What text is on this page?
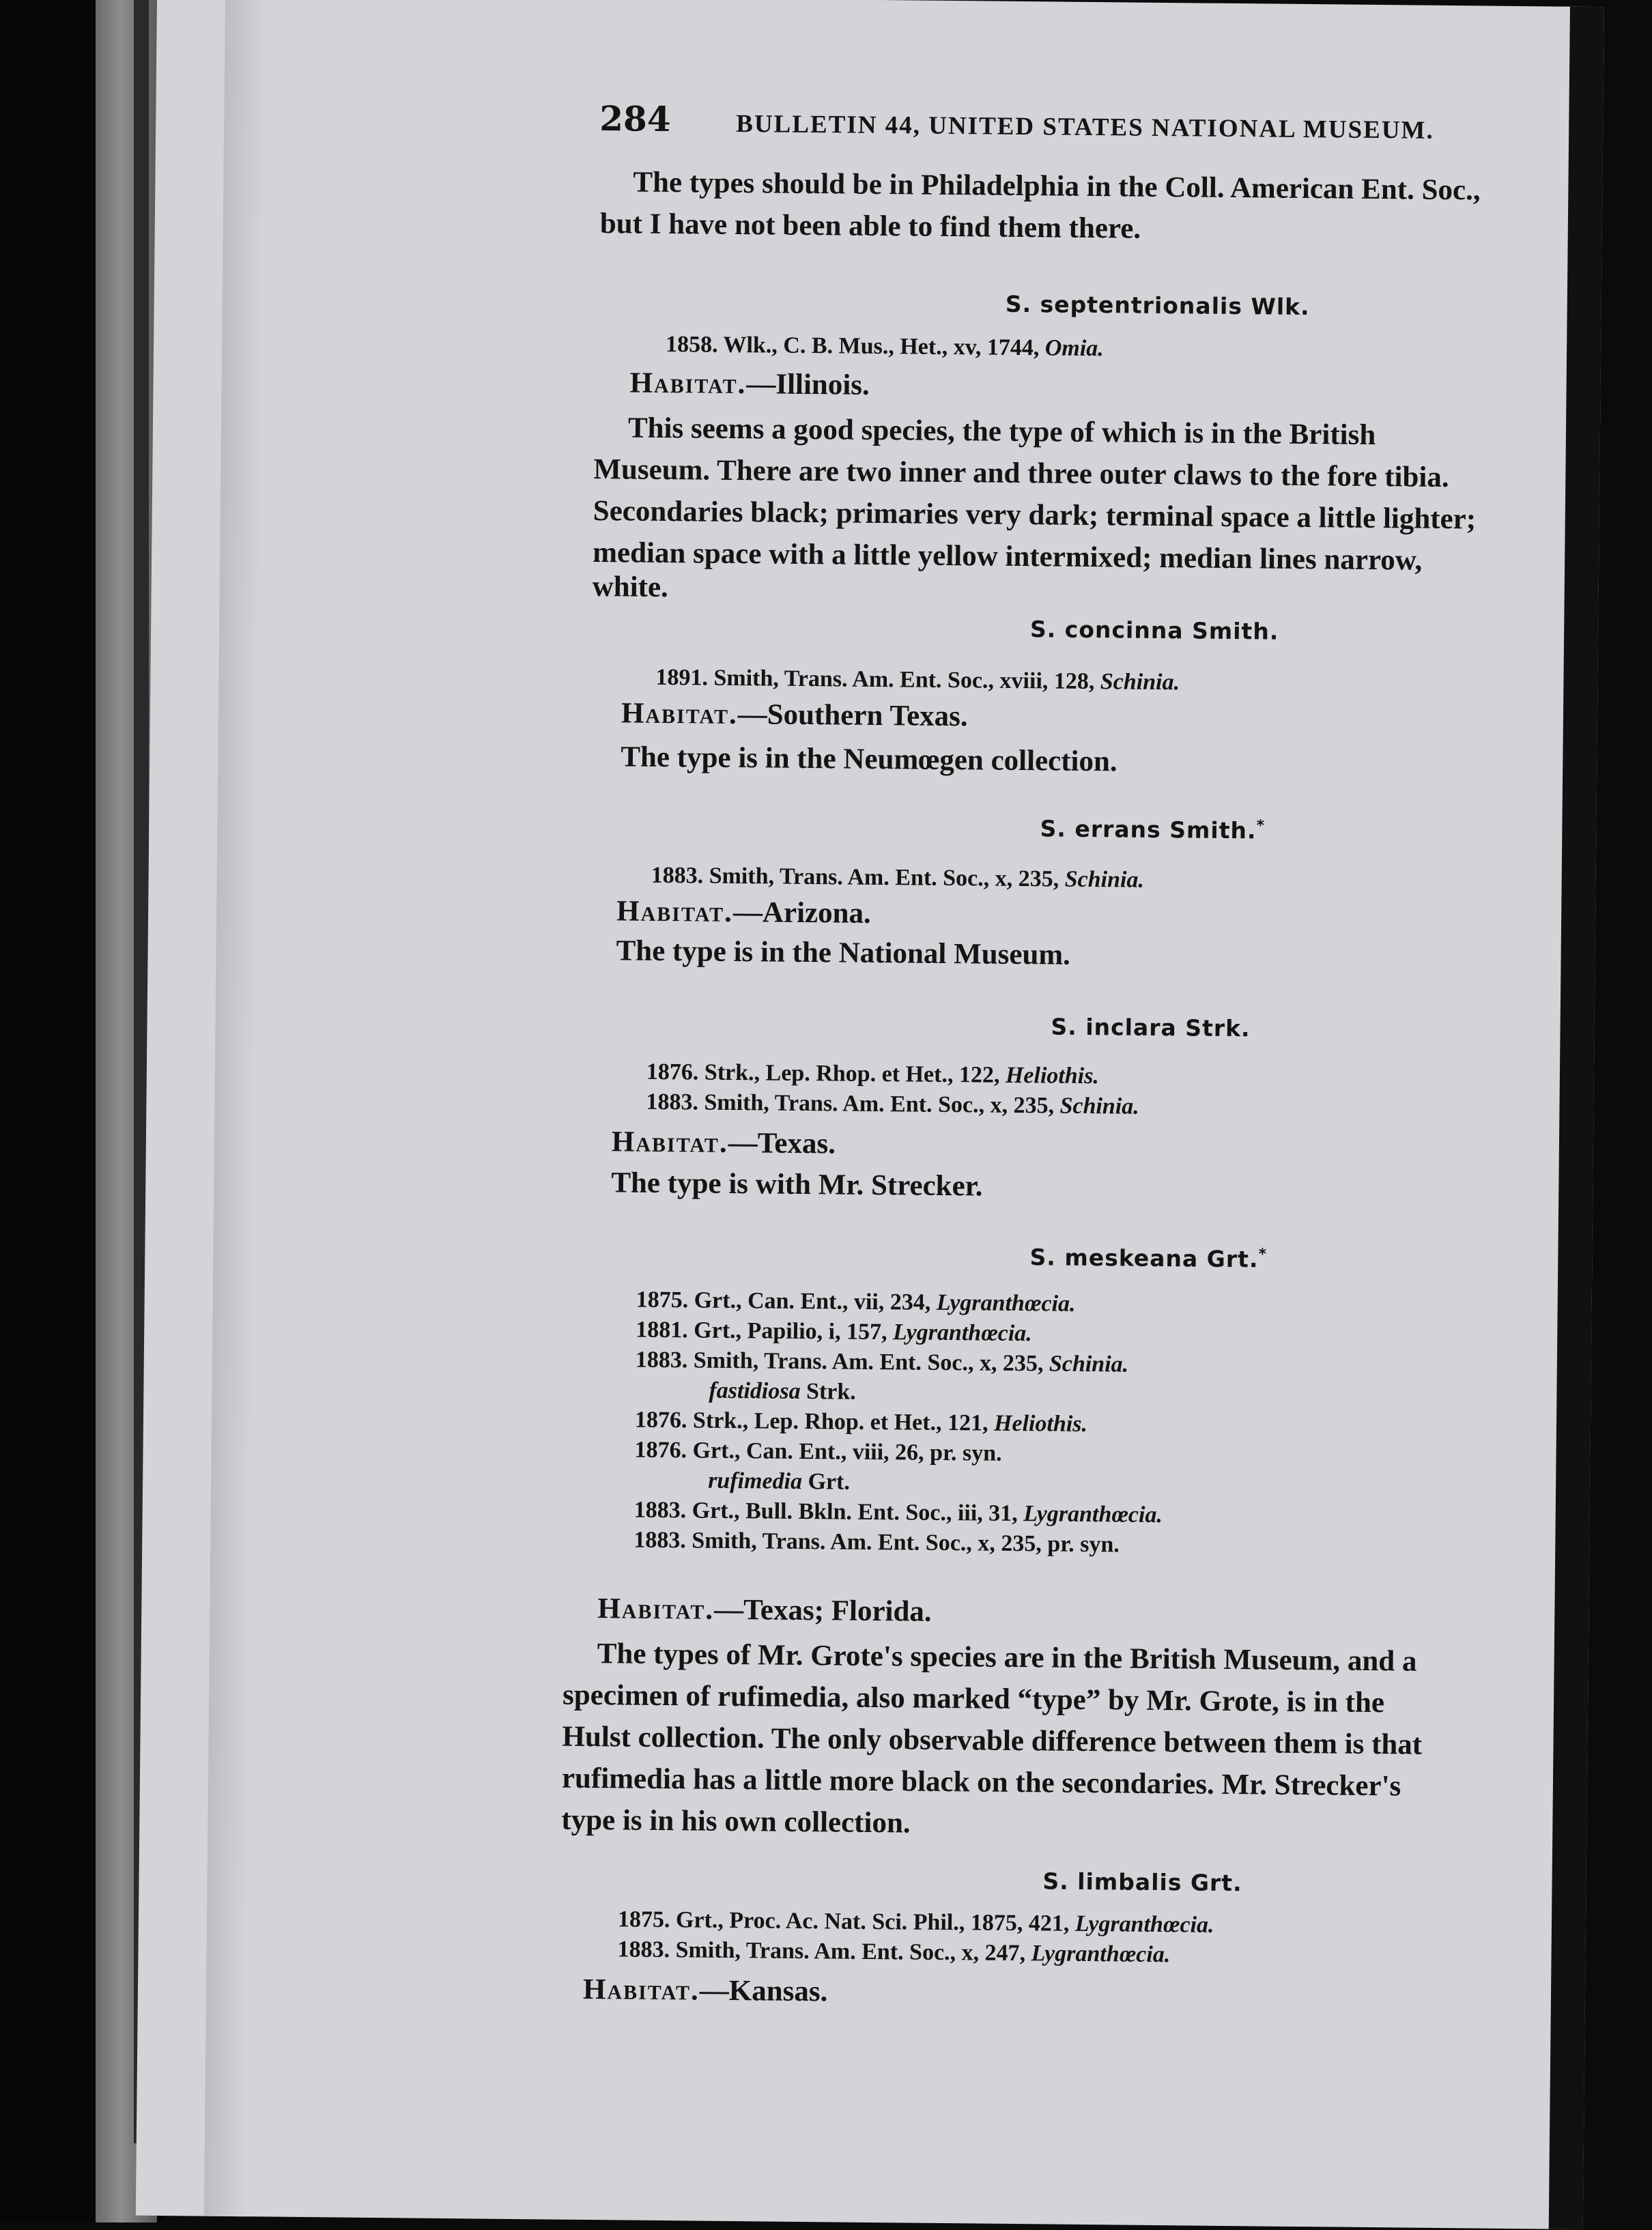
284	BULLETIN 44, UNITED STATES NATIONAL MUSEUM.
The types should be in Philadelphia in the Coll. American Ent. Soc.,
but I have not been able to find them there.
S. septentrionalis Wlk.
1858. Wlk., C. B. Mus., Het., xv, 1744, Omia.
Habitat.—Illinois.
This seems a good species, the type of which is in the British
Museum. There are two inner and three outer claws to the fore tibia.
Secondaries black; primaries very dark; terminal space a little lighter;
median space with a little yellow intermixed; median lines narrow,
white.
S. concinna Smith.
1891. Smith, Trans. Am. Ent. Soc., xviii, 128, Schinia.
Habitat.—Southern Texas.
The type is in the Neumœgen collection.
S. errans Smith.*
1883. Smith, Trans. Am. Ent. Soc., x, 235, Schinia.
Habitat.—Arizona.
The type is in the National Museum.
S. inclara Strk.
1876. Strk., Lep. Rhop. et Het., 122, Heliothis.
1883. Smith, Trans. Am. Ent. Soc., x, 235, Schinia.
Habitat.—Texas.
The type is with Mr. Strecker.
S. meskeana Grt.*
1875. Grt., Can. Ent., vii, 234, Lygranthœcia.
1881. Grt., Papilio, i, 157, Lygranthœcia.
1883. Smith, Trans. Am. Ent. Soc., x, 235, Schinia.
fastidiosa Strk.
1876. Strk., Lep. Rhop. et Het., 121, Heliothis.
1876. Grt., Can. Ent., viii, 26, pr. syn.
rufimedia Grt.
1883. Grt., Bull. Bkln. Ent. Soc., iii, 31, Lygranthœcia.
1883. Smith, Trans. Am. Ent. Soc., x, 235, pr. syn.
Habitat.—Texas; Florida.
The types of Mr. Grote's species are in the British Museum, and a
specimen of rufimedia, also marked “type” by Mr. Grote, is in the
Hulst collection. The only observable difference between them is that
rufimedia has a little more black on the secondaries. Mr. Strecker's
type is in his own collection.
S. limbalis Grt.
1875. Grt., Proc. Ac. Nat. Sci. Phil., 1875, 421, Lygranthœcia.
1883. Smith, Trans. Am. Ent. Soc., x, 247, Lygranthœcia.
Habitat.—Kansas.
